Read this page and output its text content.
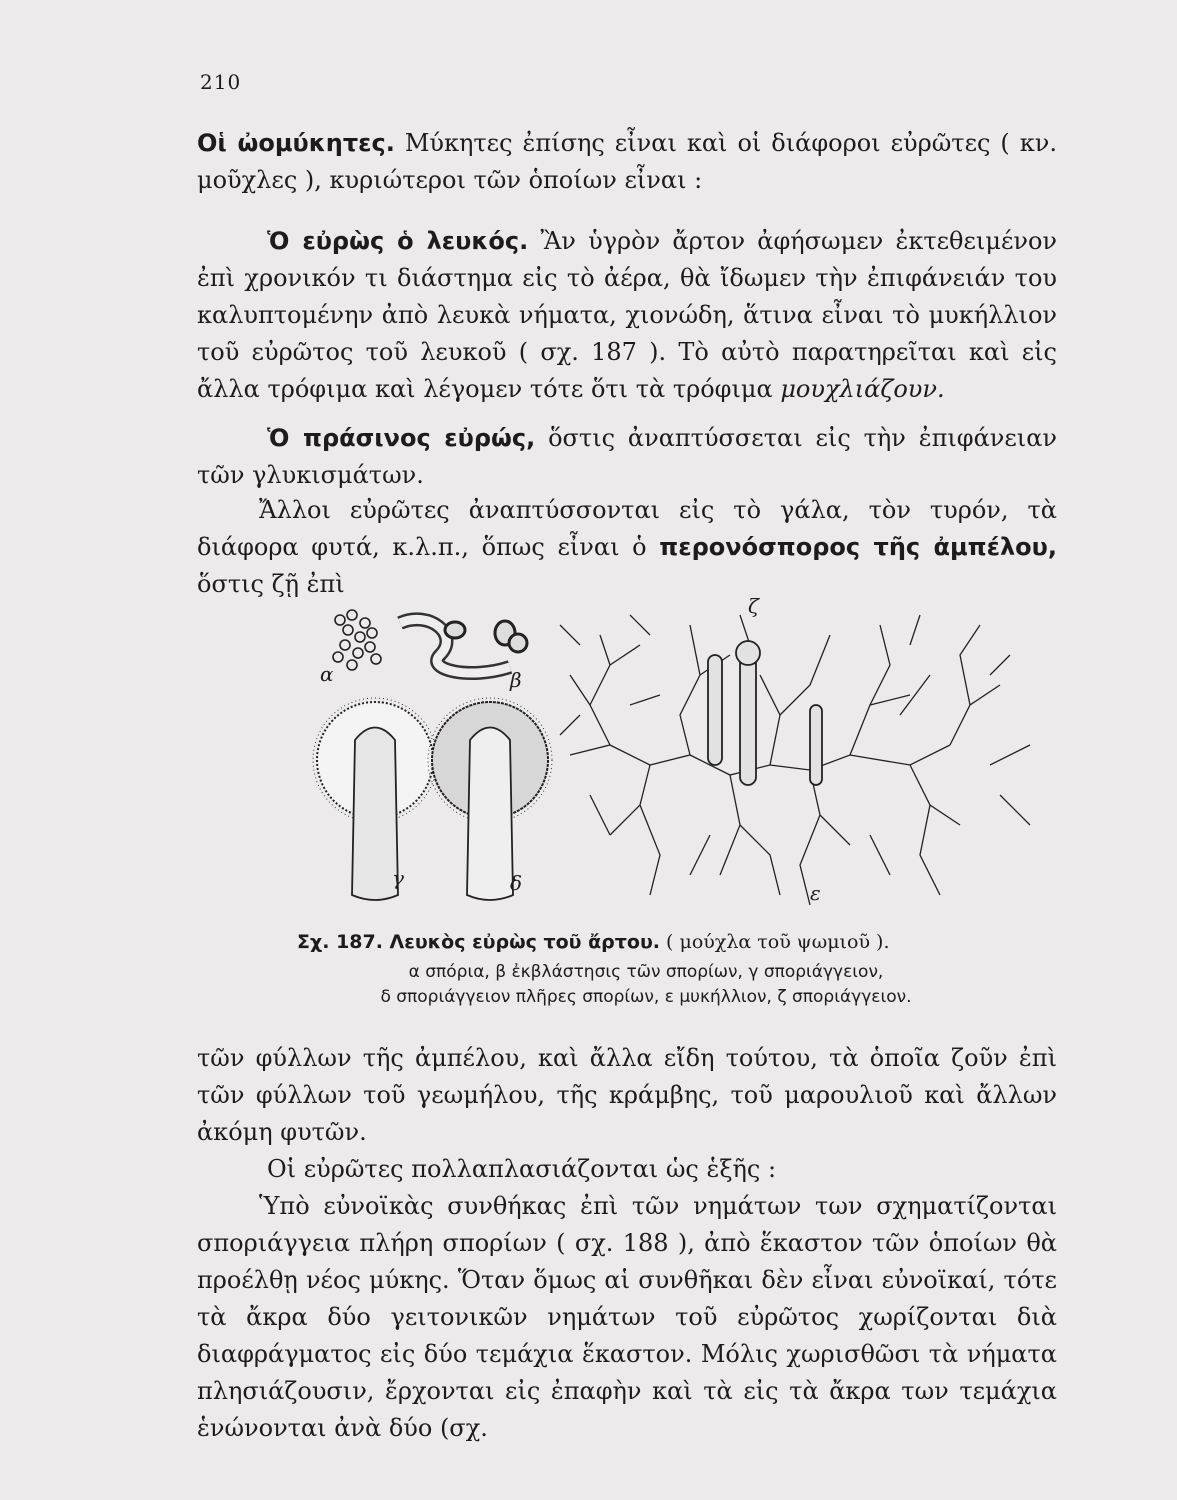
210
Οἱ ὠομύκητες. Μύκητες ἐπίσης εἶναι καὶ οἱ διάφοροι εὐρῶτες ( κν. μοῦχλες ), κυριώτεροι τῶν ὁποίων εἶναι :
Ὁ εὐρὼς ὁ λευκός. Ἂν ὑγρὸν ἄρτον ἀφήσωμεν ἐκτεθειμένον ἐπὶ χρονικόν τι διάστημα εἰς τὸ ἀέρα, θὰ ἴδωμεν τὴν ἐπιφάνειάν του καλυπτομένην ἀπὸ λευκὰ νήματα, χιονώδη, ἅτινα εἶναι τὸ μυκήλλιον τοῦ εὐρῶτος τοῦ λευκοῦ ( σχ. 187 ). Τὸ αὐτὸ παρατηρεῖται καὶ εἰς ἄλλα τρόφιμα καὶ λέγομεν τότε ὅτι τὰ τρόφιμα μουχλιάζουν.
Ὁ πράσινος εὐρώς, ὅστις ἀναπτύσσεται εἰς τὴν ἐπιφάνειαν τῶν γλυκισμάτων.
Ἄλλοι εὐρῶτες ἀναπτύσσονται εἰς τὸ γάλα, τὸν τυρόν, τὰ διάφορα φυτά, κ.λ.π., ὅπως εἶναι ὁ περονόσπορος τῆς ἀμπέλου, ὅστις ζῇ ἐπὶ
α	β
γ	δ
ζ
ε
Σχ. 187. Λευκὸς εὐρὼς τοῦ ἄρτου. ( μούχλα τοῦ ψωμιοῦ ).
α σπόρια, β ἐκβλάστησις τῶν σπορίων, γ σποριάγγειον,
δ σποριάγγειον πλῆρες σπορίων, ε μυκήλλιον, ζ σποριάγγειον.
τῶν φύλλων τῆς ἀμπέλου, καὶ ἄλλα εἴδη τούτου, τὰ ὁποῖα ζοῦν ἐπὶ τῶν φύλλων τοῦ γεωμήλου, τῆς κράμβης, τοῦ μαρουλιοῦ καὶ ἄλλων ἀκόμη φυτῶν.
Οἱ εὐρῶτες πολλαπλασιάζονται ὡς ἑξῆς :
Ὑπὸ εὐνοϊκὰς συνθήκας ἐπὶ τῶν νημάτων των σχηματίζονται σποριάγγεια πλήρη σπορίων ( σχ. 188 ), ἀπὸ ἕκαστον τῶν ὁποίων θὰ προέλθῃ νέος μύκης. Ὅταν ὅμως αἱ συνθῆκαι δὲν εἶναι εὐνοϊκαί, τότε τὰ ἄκρα δύο γειτονικῶν νημάτων τοῦ εὐρῶτος χωρίζονται διὰ διαφράγματος εἰς δύο τεμάχια ἕκαστον. Μόλις χωρισθῶσι τὰ νήματα πλησιάζουσιν, ἔρχονται εἰς ἐπαφὴν καὶ τὰ εἰς τὰ ἄκρα των τεμάχια ἑνώνονται ἀνὰ δύο (σχ.
